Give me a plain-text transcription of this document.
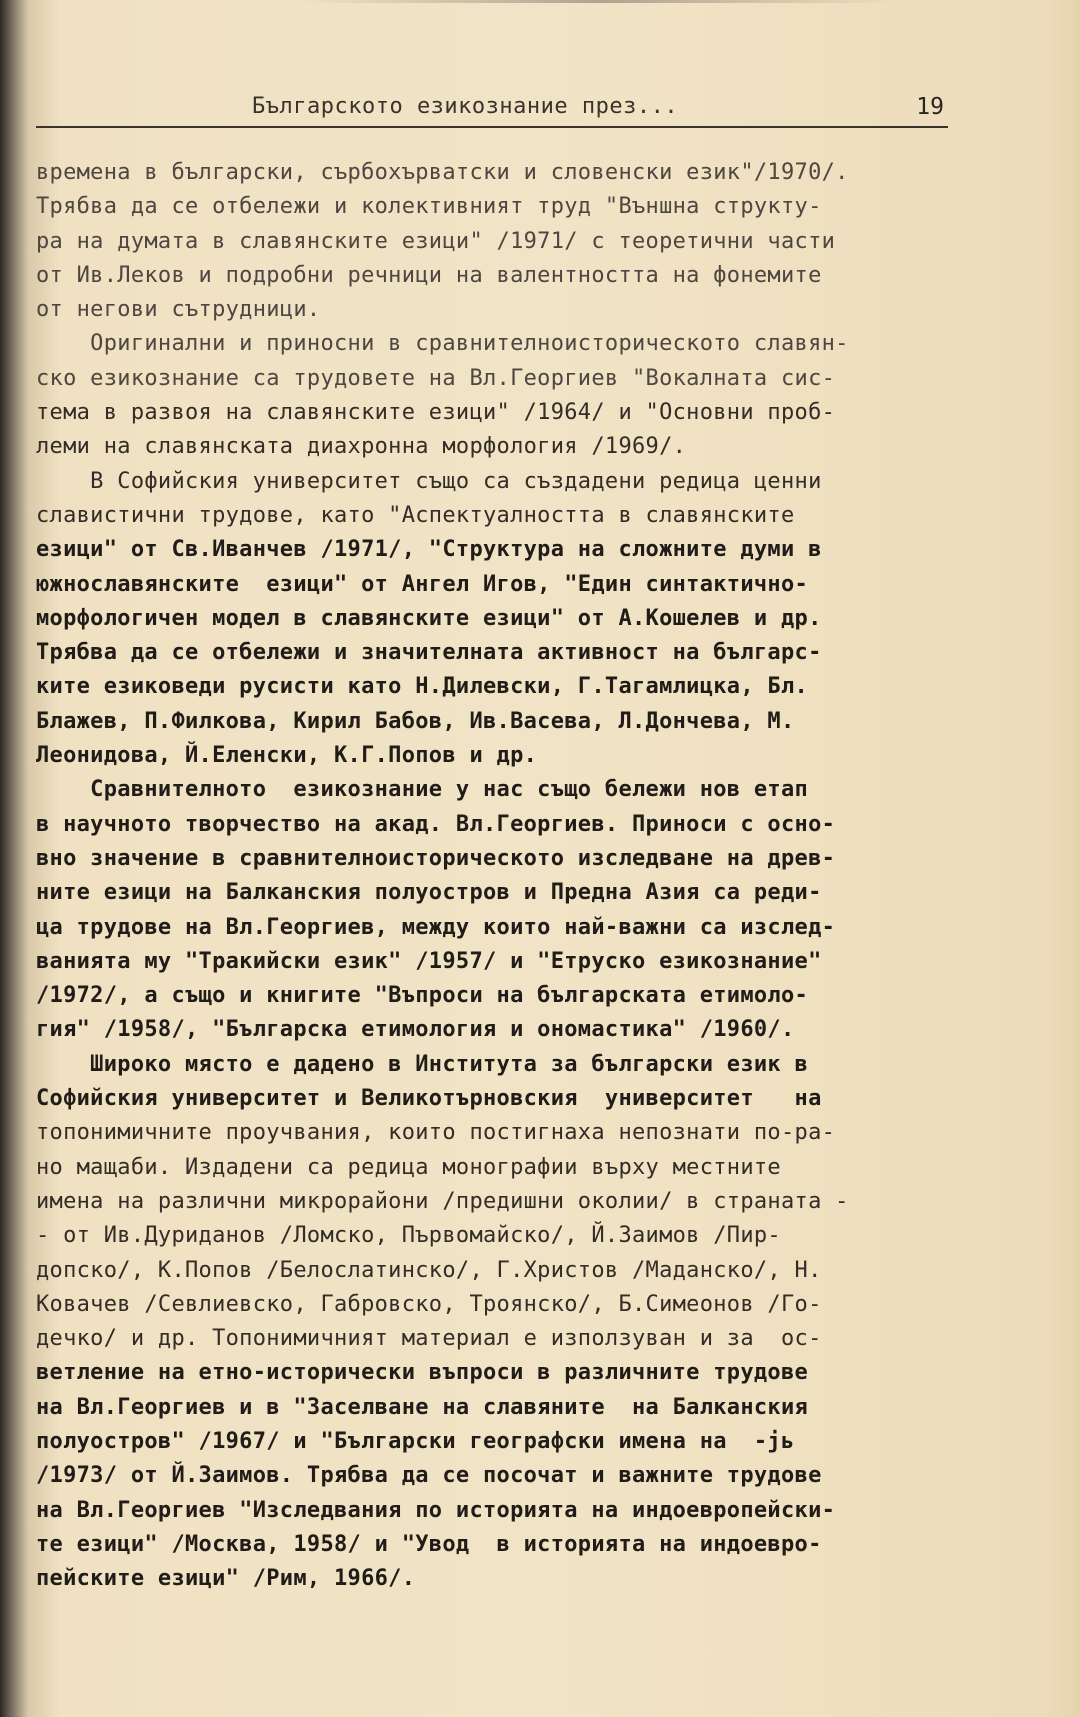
Българското езикознание през...	19
времена в български, сърбохърватски и словенски език"/1970/.
Трябва да се отбележи и колективният труд "Външна структу-
ра на думата в славянските езици" /1971/ с теоретични части
от Ив.Леков и подробни речници на валентността на фонемите
от негови сътрудници.
Оригинални и приносни в сравнителноисторическото славян-
ско езикознание са трудовете на Вл.Георгиев "Вокалната сис-
тема в развоя на славянските езици" /1964/ и "Основни проб-
леми на славянската диахронна морфология /1969/.
В Софийския университет също са създадени редица ценни
славистични трудове, като "Аспектуалността в славянските
езици" от Св.Иванчев /1971/, "Структура на сложните думи в
южнославянските  езици" от Ангел Игов, "Един синтактично-
морфологичен модел в славянските езици" от А.Кошелев и др.
Трябва да се отбележи и значителната активност на българс-
ките езиковеди русисти като Н.Дилевски, Г.Тагамлицка, Бл.
Блажев, П.Филкова, Кирил Бабов, Ив.Васева, Л.Дончева, М.
Леонидова, Й.Еленски, К.Г.Попов и др.
Сравнителното  езикознание у нас също бележи нов етап
в научното творчество на акад. Вл.Георгиев. Приноси с осно-
вно значение в сравнителноисторическото изследване на древ-
ните езици на Балканския полуостров и Предна Азия са реди-
ца трудове на Вл.Георгиев, между които най-важни са изслед-
ванията му "Тракийски език" /1957/ и "Етруско езикознание"
/1972/, а също и книгите "Въпроси на българската етимоло-
гия" /1958/, "Българска етимология и ономастика" /1960/.
Широко място е дадено в Института за български език в
Софийския университет и Великотърновския  университет   на
топонимичните проучвания, които постигнаха непознати по-ра-
но мащаби. Издадени са редица монографии върху местните
имена на различни микрорайони /предишни околии/ в страната -
- от Ив.Дуриданов /Ломско, Първомайско/, Й.Заимов /Пир-
допско/, К.Попов /Белослатинско/, Г.Христов /Маданско/, Н.
Ковачев /Севлиевско, Габровско, Троянско/, Б.Симеонов /Го-
дечко/ и др. Топонимичният материал е използуван и за  ос-
ветление на етно-исторически въпроси в различните трудове
на Вл.Георгиев и в "Заселване на славяните  на Балканския
полуостров" /1967/ и "Български географски имена на  -jь
/1973/ от Й.Заимов. Трябва да се посочат и важните трудове
на Вл.Георгиев "Изследвания по историята на индоевропейски-
те езици" /Москва, 1958/ и "Увод  в историята на индоевро-
пейските езици" /Рим, 1966/.
